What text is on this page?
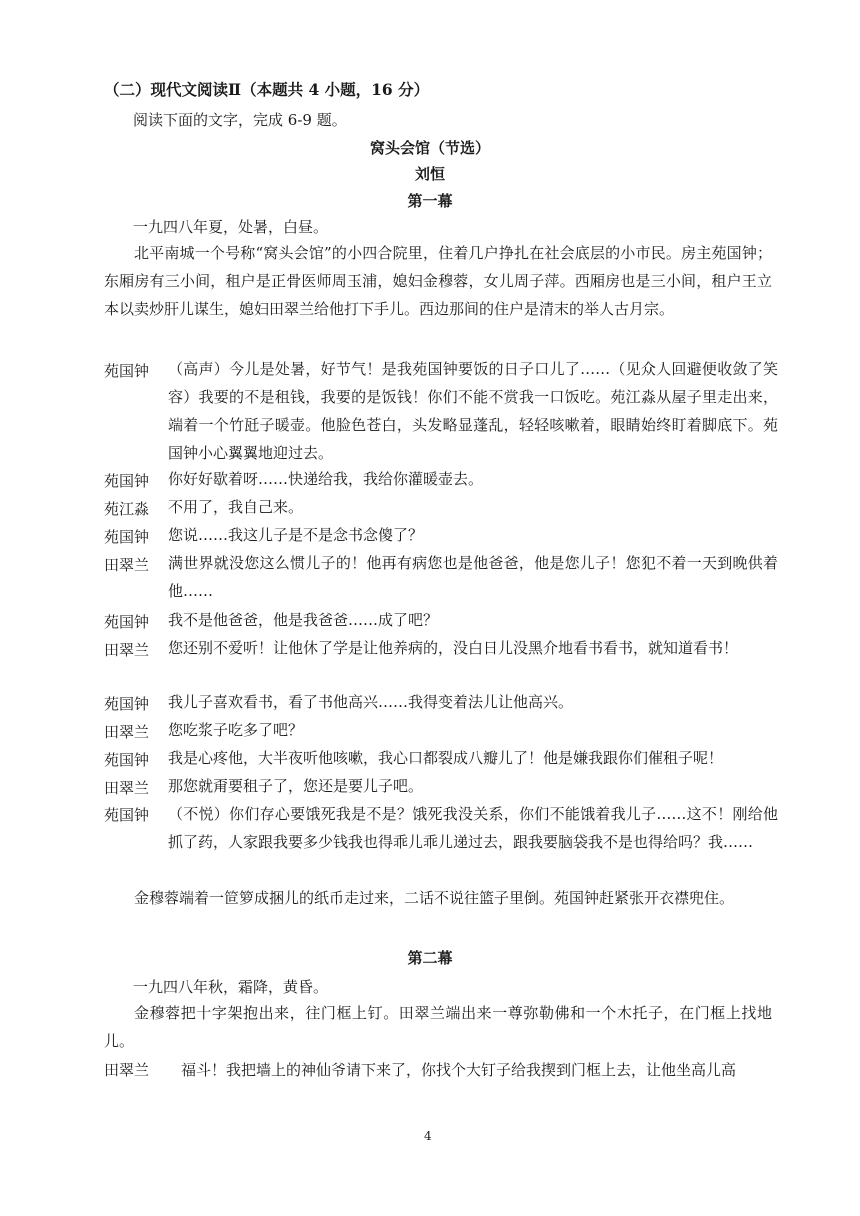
（二）现代文阅读Ⅱ（本题共 4 小题，16 分）
阅读下面的文字，完成 6-9 题。
窝头会馆（节选）
刘恒
第一幕
一九四八年夏，处暑，白昼。
北平南城一个号称“窝头会馆”的小四合院里，住着几户挣扎在社会底层的小市民。房主苑国钟；东厢房有三小间，租户是正骨医师周玉浦，媳妇金穆蓉，女儿周子萍。西厢房也是三小间，租户王立本以卖炒肝儿谋生，媳妇田翠兰给他打下手儿。西边那间的住户是清末的举人古月宗。
苑国钟 （高声）今儿是处暑，好节气！是我苑国钟要饭的日子口儿了……（见众人回避便收敛了笑容）我要的不是租钱，我要的是饭钱！你们不能不赏我一口饭吃。苑江淼从屋子里走出来，端着一个竹瓩子暖壶。他脸色苍白，头发略显蓬乱，轻轻咳嗽着，眼睛始终盯着脚底下。苑国钟小心翼翼地迎过去。
苑国钟 你好好歇着呀……快递给我，我给你灌暖壶去。
苑江淼 不用了，我自己来。
苑国钟 您说……我这儿子是不是念书念傻了？
田翠兰 满世界就没您这么惯儿子的！他再有病您也是他爸爸，他是您儿子！您犯不着一天到晚供着他……
苑国钟 我不是他爸爸，他是我爸爸……成了吧？
田翠兰 您还别不爱听！让他休了学是让他养病的，没白日儿没黑介地看书看书，就知道看书！
苑国钟 我儿子喜欢看书，看了书他高兴……我得变着法儿让他高兴。
田翠兰 您吃浆子吃多了吧？
苑国钟 我是心疼他，大半夜听他咳嗽，我心口都裂成八瓣儿了！他是嫌我跟你们催租子呢！
田翠兰 那您就甭要租子了，您还是要儿子吧。
苑国钟 （不悦）你们存心要饿死我是不是？饿死我没关系，你们不能饿着我儿子……这不！刚给他抓了药，人家跟我要多少钱我也得乖儿乖儿递过去，跟我要脑袋我不是也得给吗？我……
金穆蓉端着一笸箩成捆儿的纸币走过来，二话不说往篮子里倒。苑国钟赶紧张开衣襟兜住。
第二幕
一九四八年秋，霜降，黄昏。
金穆蓉把十字架抱出来，往门框上钉。田翠兰端出来一尊弥勒佛和一个木托子，在门框上找地儿。
田翠兰 福斗！我把墙上的神仙爷请下来了，你找个大钉子给我揳到门框上去，让他坐高儿高
4
